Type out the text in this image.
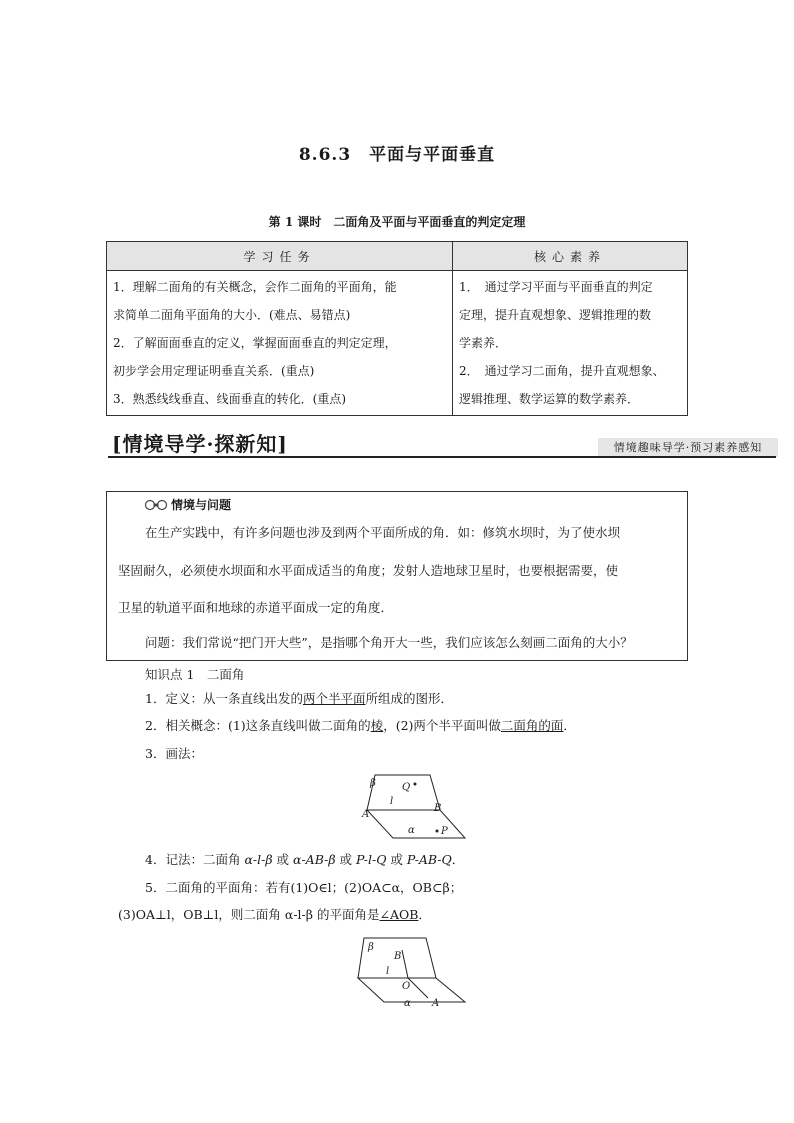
8.6.3　平面与平面垂直
第 1 课时　二面角及平面与平面垂直的判定定理
学习任务	核心素养

1．理解二面角的有关概念，会作二面角的平面角，能
求简单二面角平面角的大小．(难点、易错点)
2．了解面面垂直的定义，掌握面面垂直的判定定理，
初步学会用定理证明垂直关系．(重点)
3．熟悉线线垂直、线面垂直的转化．(重点)	1．　通过学习平面与平面垂直的判定
定理，提升直观想象、逻辑推理的数
学素养．
2．　通过学习二面角，提升直观想象、
逻辑推理、数学运算的数学素养．
[情境导学·探新知]	情境趣味导学·预习素养感知
情境与问题
在生产实践中，有许多问题也涉及到两个平面所成的角．如：修筑水坝时，为了使水坝
坚固耐久，必须使水坝面和水平面成适当的角度；发射人造地球卫星时，也要根据需要，使
卫星的轨道平面和地球的赤道平面成一定的角度．
问题：我们常说“把门开大些”，是指哪个角开大一些，我们应该怎么刻画二面角的大小？
知识点 1　二面角
1．定义：从一条直线出发的两个半平面所组成的图形．
2．相关概念：(1)这条直线叫做二面角的棱，(2)两个半平面叫做二面角的面．
3．画法：
β	Q
l
B
A
α	P
4．记法：二面角 α-l-β 或 α-AB-β 或 P-l-Q 或 P-AB-Q．
5．二面角的平面角：若有(1)O∈l；(2)OA⊂α，OB⊂β；
(3)OA⊥l，OB⊥l，则二面角 α-l-β 的平面角是∠AOB．
β
B
l
O
α A
